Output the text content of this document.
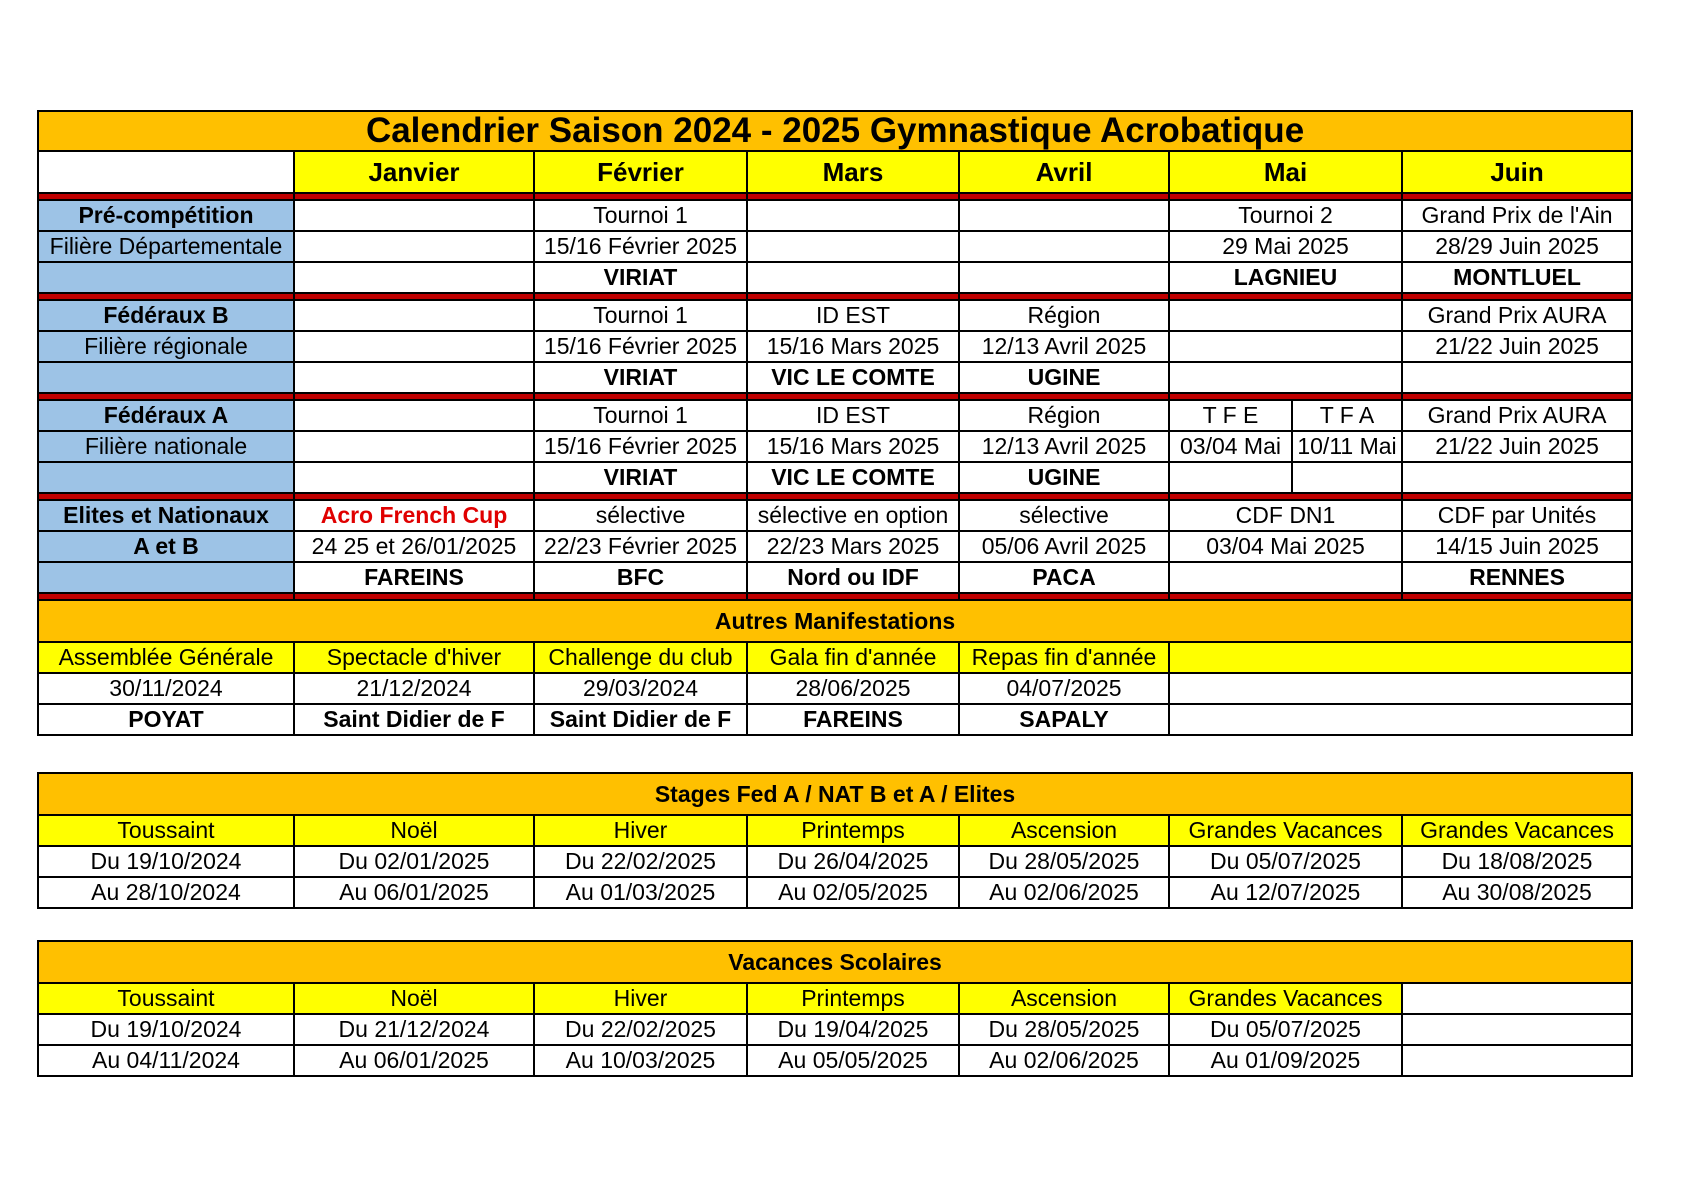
Calendrier Saison 2024 - 2025 Gymnastique Acrobatique							
	Janvier	Février	Mars	Avril	Mai		Juin

Pré-compétition		Tournoi 1			Tournoi 2		Grand Prix de l'Ain
Filière Départementale		15/16 Février 2025			29 Mai 2025		28/29 Juin 2025
		VIRIAT			LAGNIEU		MONTLUEL

Fédéraux B		Tournoi 1	ID EST	Région			Grand Prix AURA
Filière régionale		15/16 Février 2025	15/16 Mars 2025	12/13 Avril 2025			21/22 Juin 2025
		VIRIAT	VIC LE COMTE	UGINE			

Fédéraux A		Tournoi 1	ID EST	Région	T F E	T F A	Grand Prix AURA
Filière nationale		15/16 Février 2025	15/16 Mars 2025	12/13 Avril 2025	03/04 Mai	10/11 Mai	21/22 Juin 2025
		VIRIAT	VIC LE COMTE	UGINE			

Elites et Nationaux	Acro French Cup	sélective	sélective en option	sélective	CDF DN1		CDF par Unités
A et B	24 25 et 26/01/2025	22/23 Février 2025	22/23 Mars 2025	05/06 Avril 2025	03/04 Mai 2025		14/15 Juin 2025
	FAREINS	BFC	Nord ou IDF	PACA			RENNES

Autres Manifestations							
Assemblée Générale	Spectacle d'hiver	Challenge du club	Gala fin d'année	Repas fin d'année			
30/11/2024	21/12/2024	29/03/2024	28/06/2025	04/07/2025			
POYAT	Saint Didier de F	Saint Didier de F	FAREINS	SAPALY			
Stages Fed A / NAT B et A / Elites						
Toussaint	Noël	Hiver	Printemps	Ascension	Grandes Vacances	Grandes Vacances
Du 19/10/2024	Du 02/01/2025	Du 22/02/2025	Du 26/04/2025	Du 28/05/2025	Du 05/07/2025	Du 18/08/2025
Au 28/10/2024	Au 06/01/2025	Au 01/03/2025	Au 02/05/2025	Au 02/06/2025	Au 12/07/2025	Au 30/08/2025
Vacances Scolaires						
Toussaint	Noël	Hiver	Printemps	Ascension	Grandes Vacances	
Du 19/10/2024	Du 21/12/2024	Du 22/02/2025	Du 19/04/2025	Du 28/05/2025	Du 05/07/2025	
Au 04/11/2024	Au 06/01/2025	Au 10/03/2025	Au 05/05/2025	Au 02/06/2025	Au 01/09/2025	
